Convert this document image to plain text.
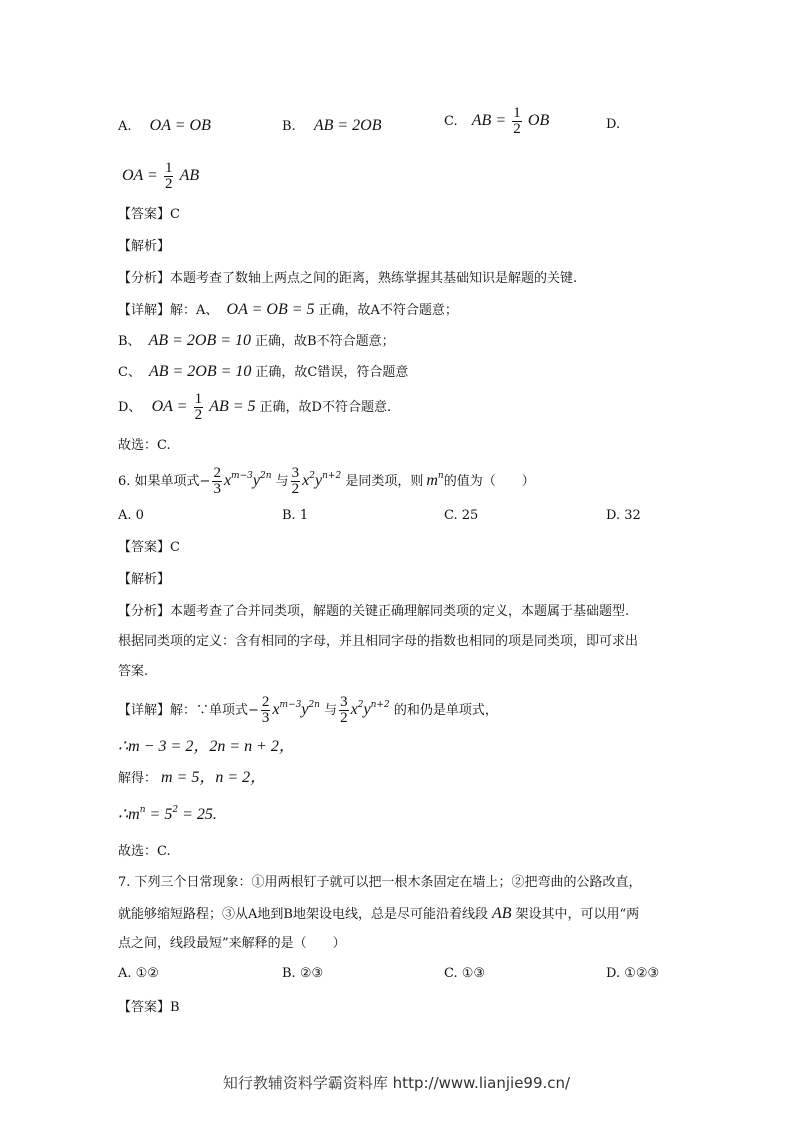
A. OA = OB	B. AB = 2OB	C. AB = $\frac{1}{2}$ OB	D.
OA = $\frac{1}{2}$ AB
【答案】C
【解析】
【分析】本题考查了数轴上两点之间的距离，熟练掌握其基础知识是解题的关键.
【详解】解：A、 OA = OB = 5 正确，故A不符合题意；
B、 AB = 2OB = 10 正确，故B不符合题意；
C、 AB = 2OB = 10 正确，故C错误，符合题意
D、 OA = $\frac{1}{2}$ AB = 5 正确，故D不符合题意.
故选：C.
6. 如果单项式− $\frac{2}{3} x^{m-3}y^{2n}$ 与 $\frac{3}{2} x^2y^{n+2}$ 是同类项，则 $m^n$的值为（　　）
A. 0	B. 1	C. 25	D. 32
【答案】C
【解析】
【分析】本题考查了合并同类项，解题的关键正确理解同类项的定义，本题属于基础题型.
根据同类项的定义：含有相同的字母，并且相同字母的指数也相同的项是同类项，即可求出
答案.
【详解】解：∵单项式− $\frac{2}{3} x^{m-3}y^{2n}$ 与 $\frac{3}{2} x^2y^{n+2}$ 的和仍是单项式，
∴m − 3 = 2，2n = n + 2，
解得： m = 5，n = 2，
$\therefore m^n = 5^2 = 25$.
故选：C.
7. 下列三个日常现象：①用两根钉子就可以把一根木条固定在墙上；②把弯曲的公路改直，
就能够缩短路程；③从A地到B地架设电线，总是尽可能沿着线段 AB 架设其中，可以用“两
点之间，线段最短”来解释的是（　　）
A. ①②	B. ②③	C. ①③	D. ①②③
【答案】B
知行教辅资料学霸资料库 http://www.lianjie99.cn/
